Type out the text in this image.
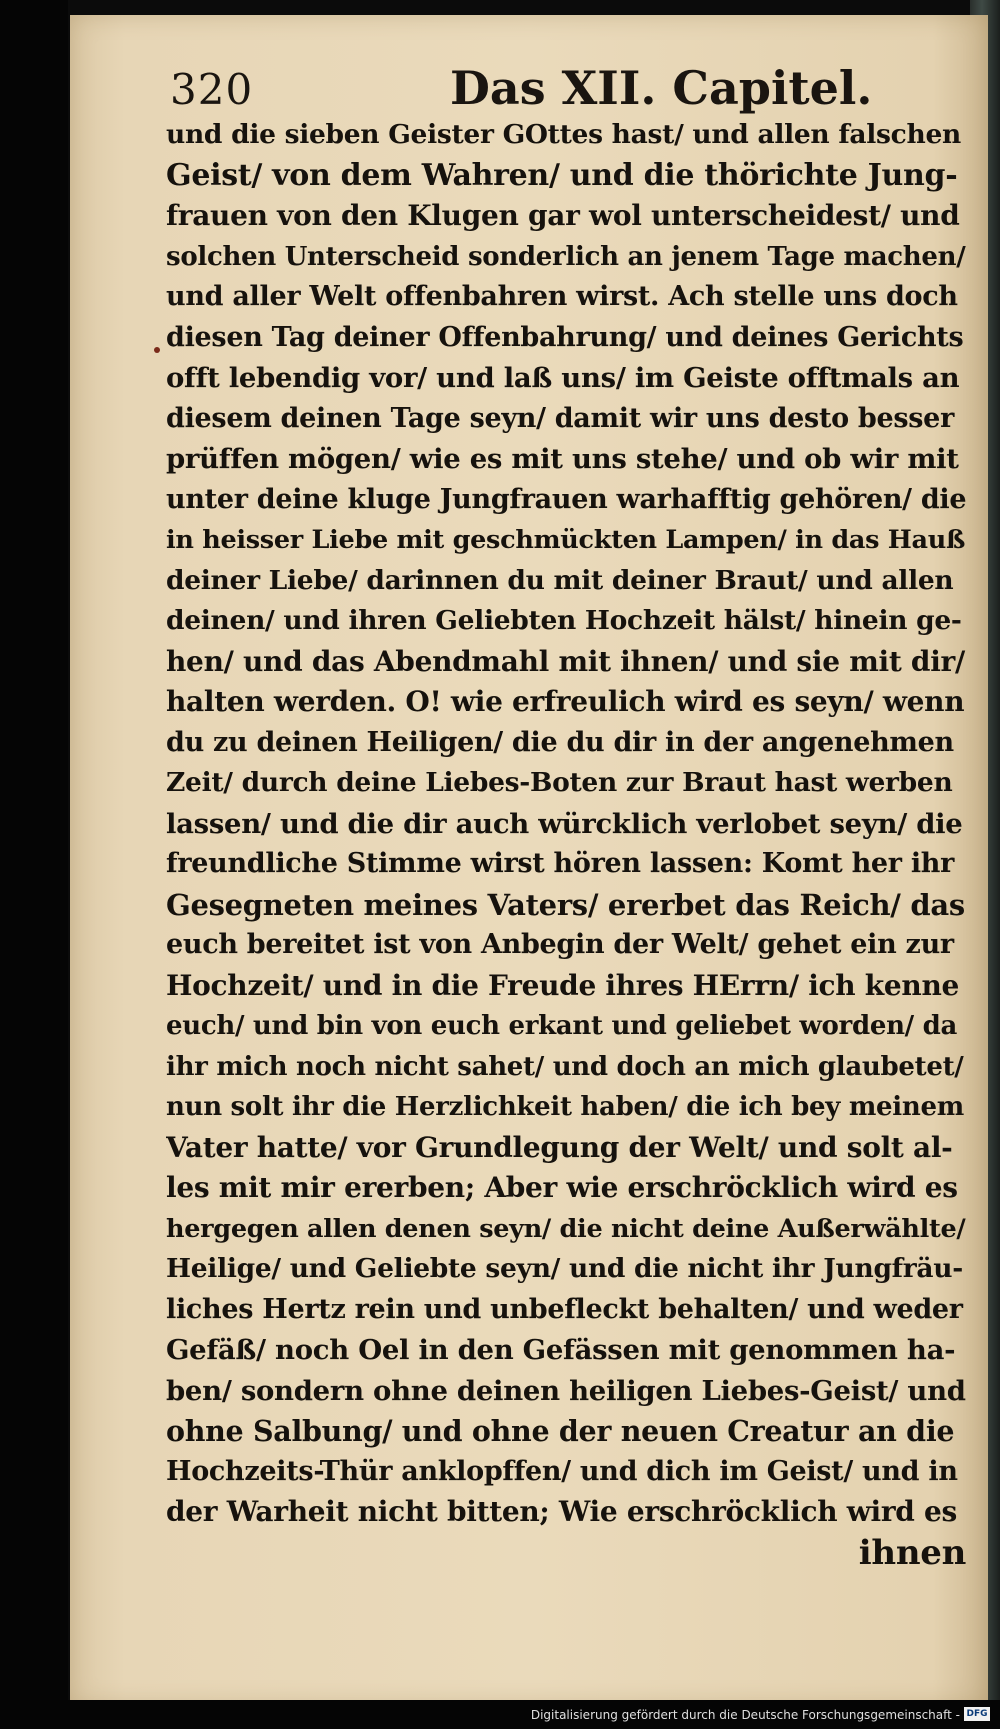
320	Das XII. Capitel.
und die sieben Geister GOttes hast/ und allen falschen
Geist/ von dem Wahren/ und die thörichte Jung-
frauen von den Klugen gar wol unterscheidest/ und
solchen Unterscheid sonderlich an jenem Tage machen/
und aller Welt offenbahren wirst. Ach stelle uns doch
diesen Tag deiner Offenbahrung/ und deines Gerichts
offt lebendig vor/ und laß uns/ im Geiste offtmals an
diesem deinen Tage seyn/ damit wir uns desto besser
prüffen mögen/ wie es mit uns stehe/ und ob wir mit
unter deine kluge Jungfrauen warhafftig gehören/ die
in heisser Liebe mit geschmückten Lampen/ in das Hauß
deiner Liebe/ darinnen du mit deiner Braut/ und allen
deinen/ und ihren Geliebten Hochzeit hälst/ hinein ge-
hen/ und das Abendmahl mit ihnen/ und sie mit dir/
halten werden. O! wie erfreulich wird es seyn/ wenn
du zu deinen Heiligen/ die du dir in der angenehmen
Zeit/ durch deine Liebes-Boten zur Braut hast werben
lassen/ und die dir auch würcklich verlobet seyn/ die
freundliche Stimme wirst hören lassen: Komt her ihr
Gesegneten meines Vaters/ ererbet das Reich/ das
euch bereitet ist von Anbegin der Welt/ gehet ein zur
Hochzeit/ und in die Freude ihres HErrn/ ich kenne
euch/ und bin von euch erkant und geliebet worden/ da
ihr mich noch nicht sahet/ und doch an mich glaubetet/
nun solt ihr die Herzlichkeit haben/ die ich bey meinem
Vater hatte/ vor Grundlegung der Welt/ und solt al-
les mit mir ererben; Aber wie erschröcklich wird es
hergegen allen denen seyn/ die nicht deine Außerwählte/
Heilige/ und Geliebte seyn/ und die nicht ihr Jungfräu-
liches Hertz rein und unbefleckt behalten/ und weder
Gefäß/ noch Oel in den Gefässen mit genommen ha-
ben/ sondern ohne deinen heiligen Liebes-Geist/ und
ohne Salbung/ und ohne der neuen Creatur an die
Hochzeits-Thür anklopffen/ und dich im Geist/ und in
der Warheit nicht bitten; Wie erschröcklich wird es
ihnen
Digitalisierung gefördert durch die Deutsche Forschungsgemeinschaft - DFG
